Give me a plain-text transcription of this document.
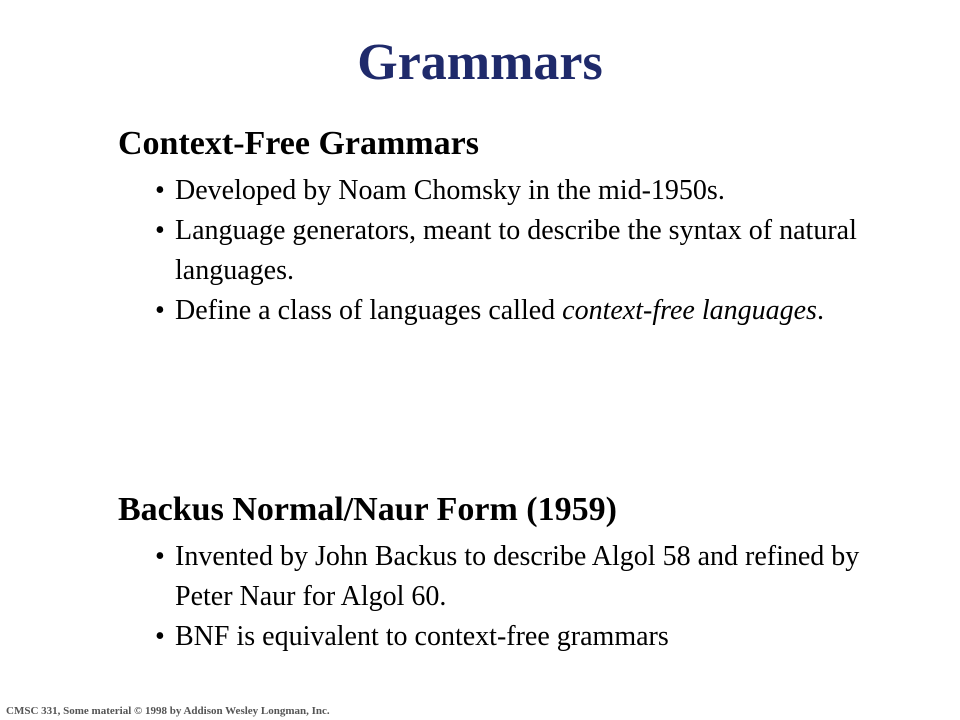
Grammars
Context-Free Grammars
• Developed by Noam Chomsky in the mid-1950s.
• Language generators, meant to describe the syntax of natural languages.
• Define a class of languages called context-free languages.
Backus Normal/Naur Form (1959)
• Invented by John Backus to describe Algol 58 and refined by Peter Naur for Algol 60.
• BNF is equivalent to context-free grammars
CMSC 331, Some material © 1998 by Addison Wesley Longman, Inc.
